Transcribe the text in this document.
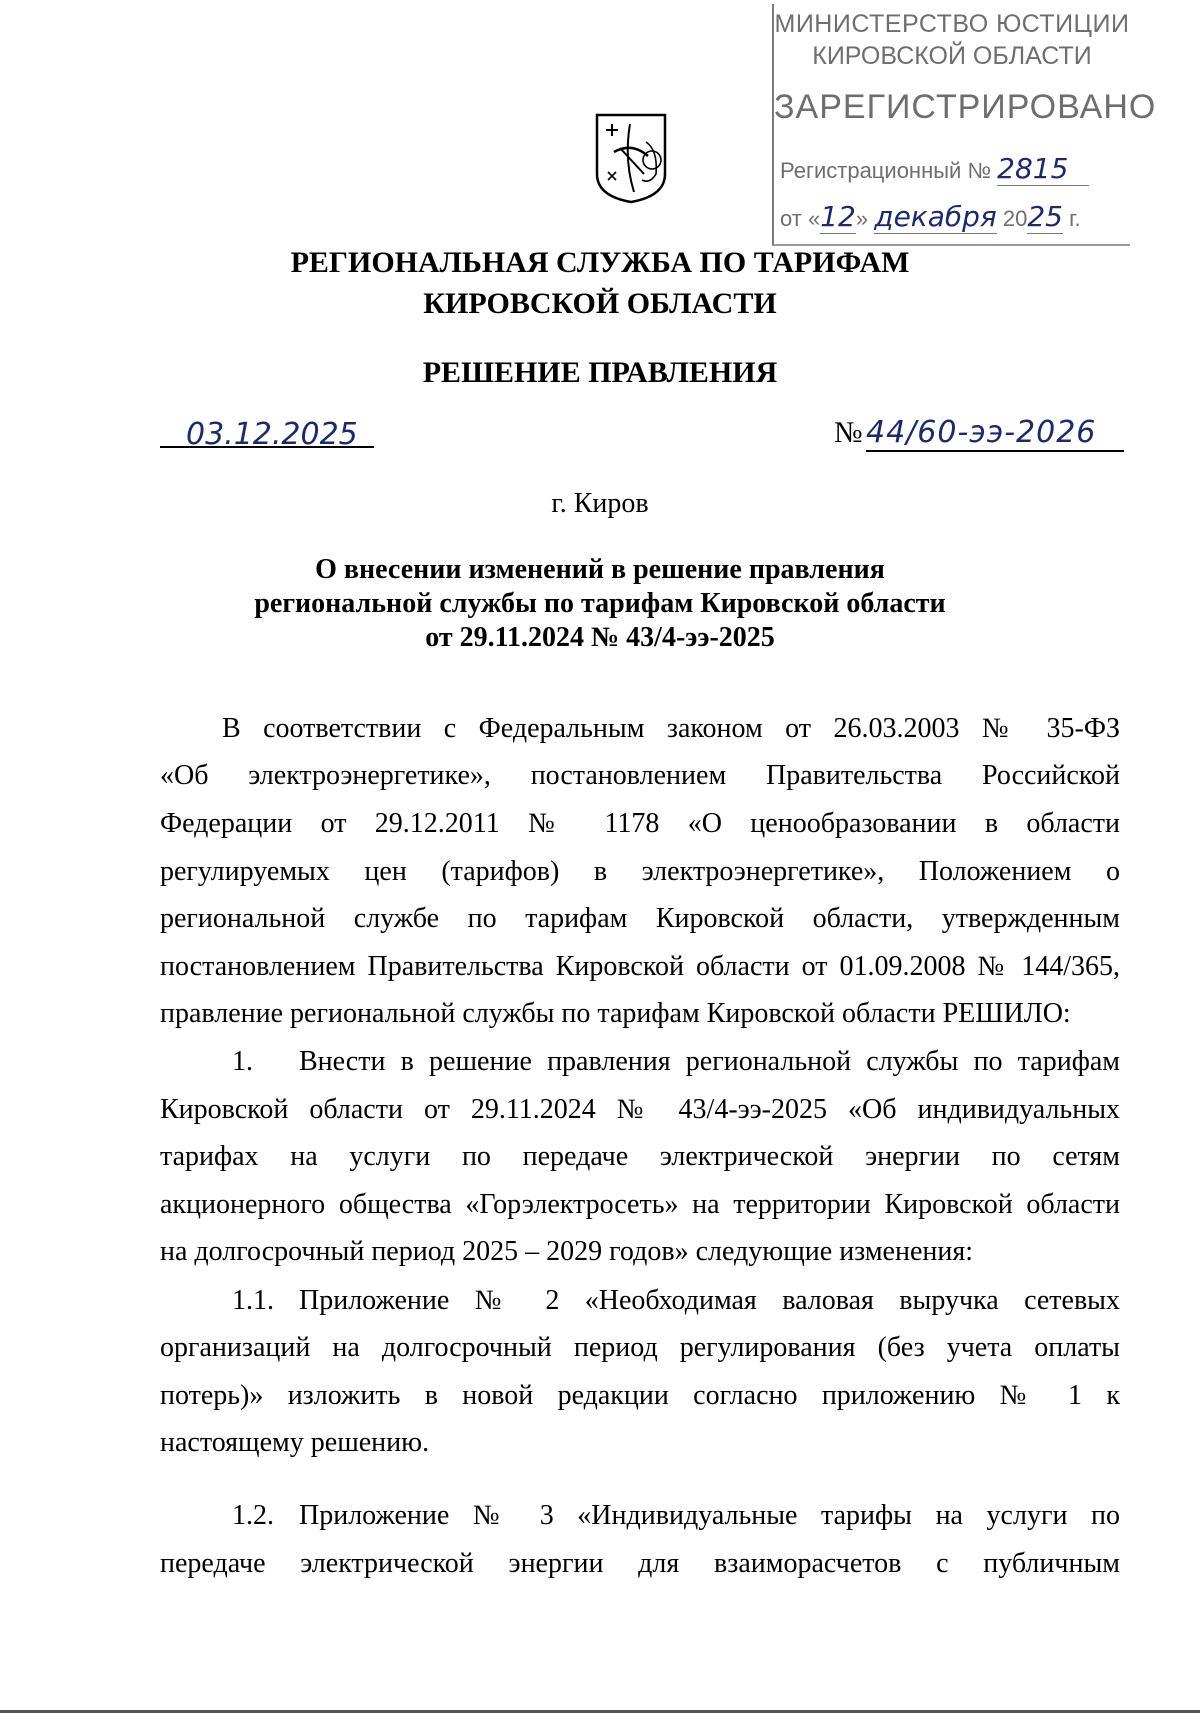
МИНИСТЕРСТВО ЮСТИЦИИ
КИРОВСКОЙ ОБЛАСТИ
ЗАРЕГИСТРИРОВАНО
Регистрационный № 2815
от «12» декабря 2025 г.
РЕГИОНАЛЬНАЯ СЛУЖБА ПО ТАРИФАМ
КИРОВСКОЙ ОБЛАСТИ
РЕШЕНИЕ ПРАВЛЕНИЯ
03.12.2025	№ 44/60-ээ-2026
г. Киров
О внесении изменений в решение правления
региональной службы по тарифам Кировской области
от 29.11.2024 № 43/4-ээ-2025
В соответствии с Федеральным законом от 26.03.2003 № 35-ФЗ
«Об электроэнергетике», постановлением Правительства Российской
Федерации от 29.12.2011 № 1178 «О ценообразовании в области
регулируемых цен (тарифов) в электроэнергетике», Положением о
региональной службе по тарифам Кировской области, утвержденным
постановлением Правительства Кировской области от 01.09.2008 № 144/365,
правление региональной службы по тарифам Кировской области РЕШИЛО:
1.	Внести в решение правления региональной службы по тарифам
Кировской области от 29.11.2024 № 43/4-ээ-2025 «Об индивидуальных
тарифах на услуги по передаче электрической энергии по сетям
акционерного общества «Горэлектросеть» на территории Кировской области
на долгосрочный период 2025 – 2029 годов» следующие изменения:
1.1. Приложение № 2 «Необходимая валовая выручка сетевых
организаций на долгосрочный период регулирования (без учета оплаты
потерь)» изложить в новой редакции согласно приложению № 1 к
настоящему решению.
1.2. Приложение № 3 «Индивидуальные тарифы на услуги по
передаче электрической энергии для взаиморасчетов с публичным
